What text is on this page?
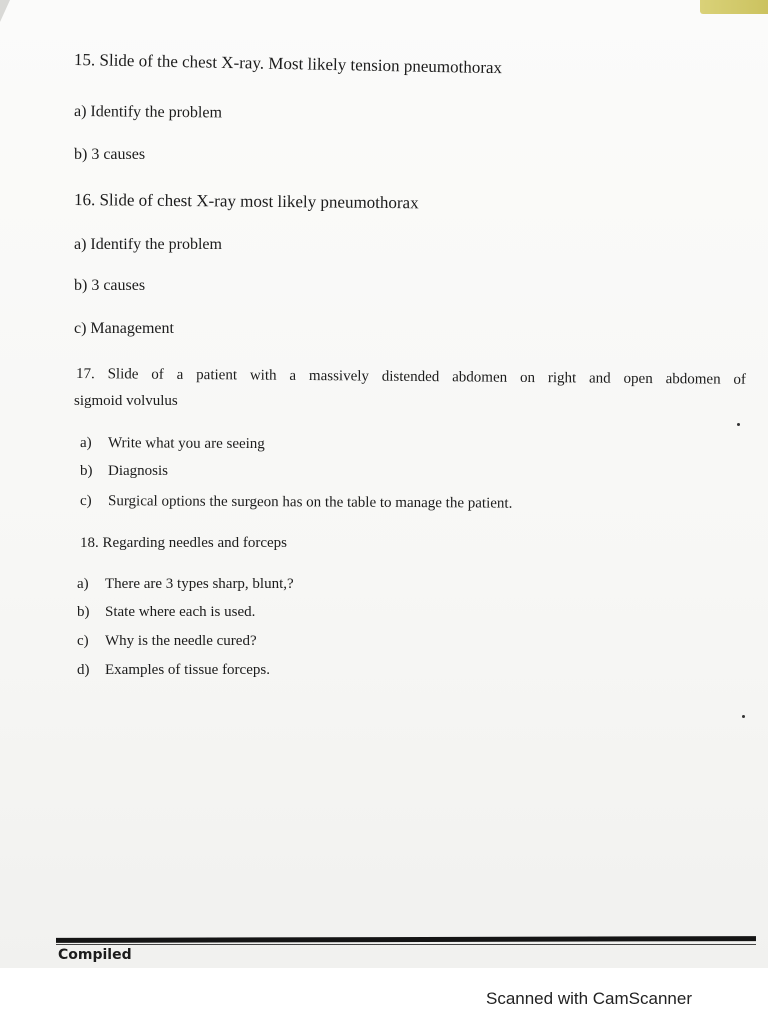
15. Slide of the chest X-ray. Most likely tension pneumothorax
a) Identify the problem
b) 3 causes
16. Slide of chest X-ray most likely pneumothorax
a) Identify the problem
b) 3 causes
c) Management
17. Slide of a patient with a massively distended abdomen on right and open abdomen of
sigmoid volvulus
a) Write what you are seeing
b) Diagnosis
c) Surgical options the surgeon has on the table to manage the patient.
18. Regarding needles and forceps
a) There are 3 types sharp, blunt,?
b) State where each is used.
c) Why is the needle cured?
d) Examples of tissue forceps.
Compiled
Scanned with CamScanner
